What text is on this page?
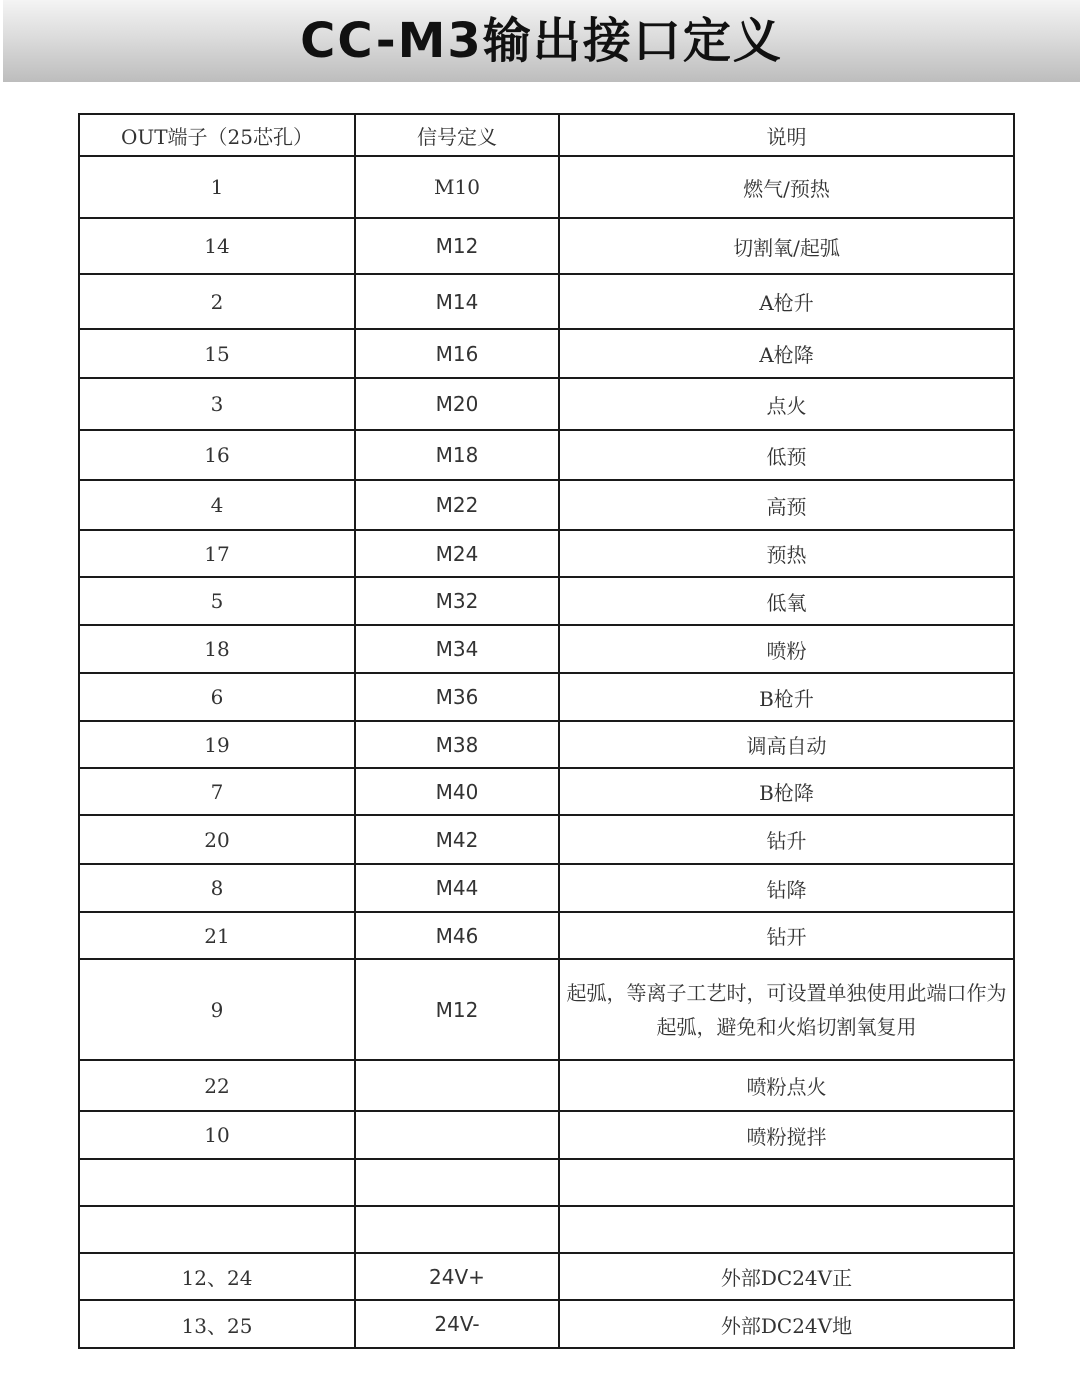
CC-M3输出接口定义
OUT端子（25芯孔）	信号定义	说明
1	M10	燃气/预热
14	M12	切割氧/起弧
2	M14	A枪升
15	M16	A枪降
3	M20	点火
16	M18	低预
4	M22	高预
17	M24	预热
5	M32	低氧
18	M34	喷粉
6	M36	B枪升
19	M38	调高自动
7	M40	B枪降
20	M42	钻升
8	M44	钻降
21	M46	钻开
9	M12	起弧，等离子工艺时，可设置单独使用此端口作为起弧，避免和火焰切割氧复用
22		喷粉点火
10		喷粉搅拌

12、24	24V+	外部DC24V正
13、25	24V-	外部DC24V地
